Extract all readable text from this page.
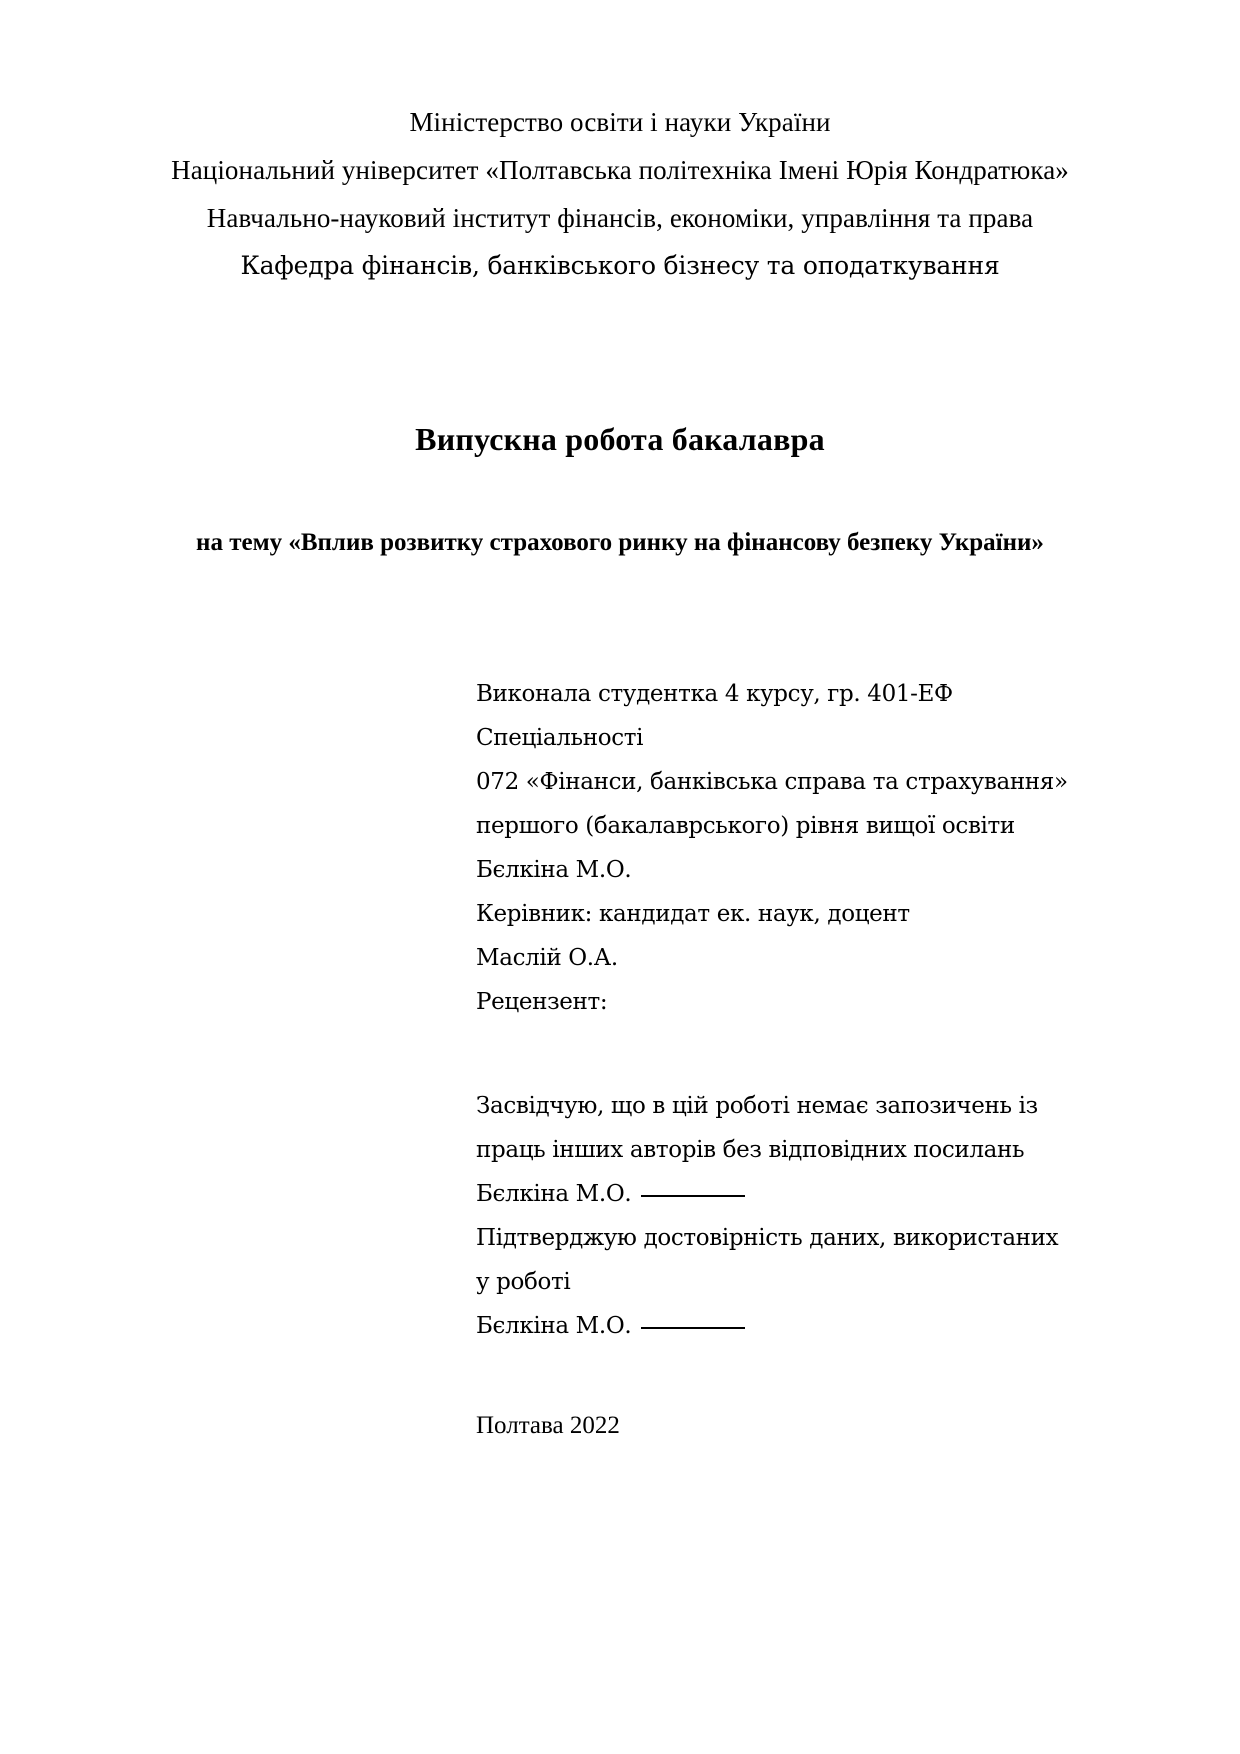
Міністерство освіти і науки України
Національний університет «Полтавська політехніка Імені Юрія Кондратюка»
Навчально-науковий інститут фінансів, економіки, управління та права
Кафедра фінансів, банківського бізнесу та оподаткування
Випускна робота бакалавра
на тему «Вплив розвитку страхового ринку на фінансову безпеку України»
Виконала студентка 4 курсу, гр. 401-ЕФ
Спеціальності
072 «Фінанси, банківська справа та страхування»
першого (бакалаврського) рівня вищої освіти
Бєлкіна М.О.
Керівник: кандидат ек. наук, доцент
Маслій О.А.
Рецензент:
Засвідчую, що в цій роботі немає запозичень із
праць інших авторів без відповідних посилань
Бєлкіна М.О.
Підтверджую достовірність даних, використаних
у роботі
Бєлкіна М.О.
Полтава 2022
